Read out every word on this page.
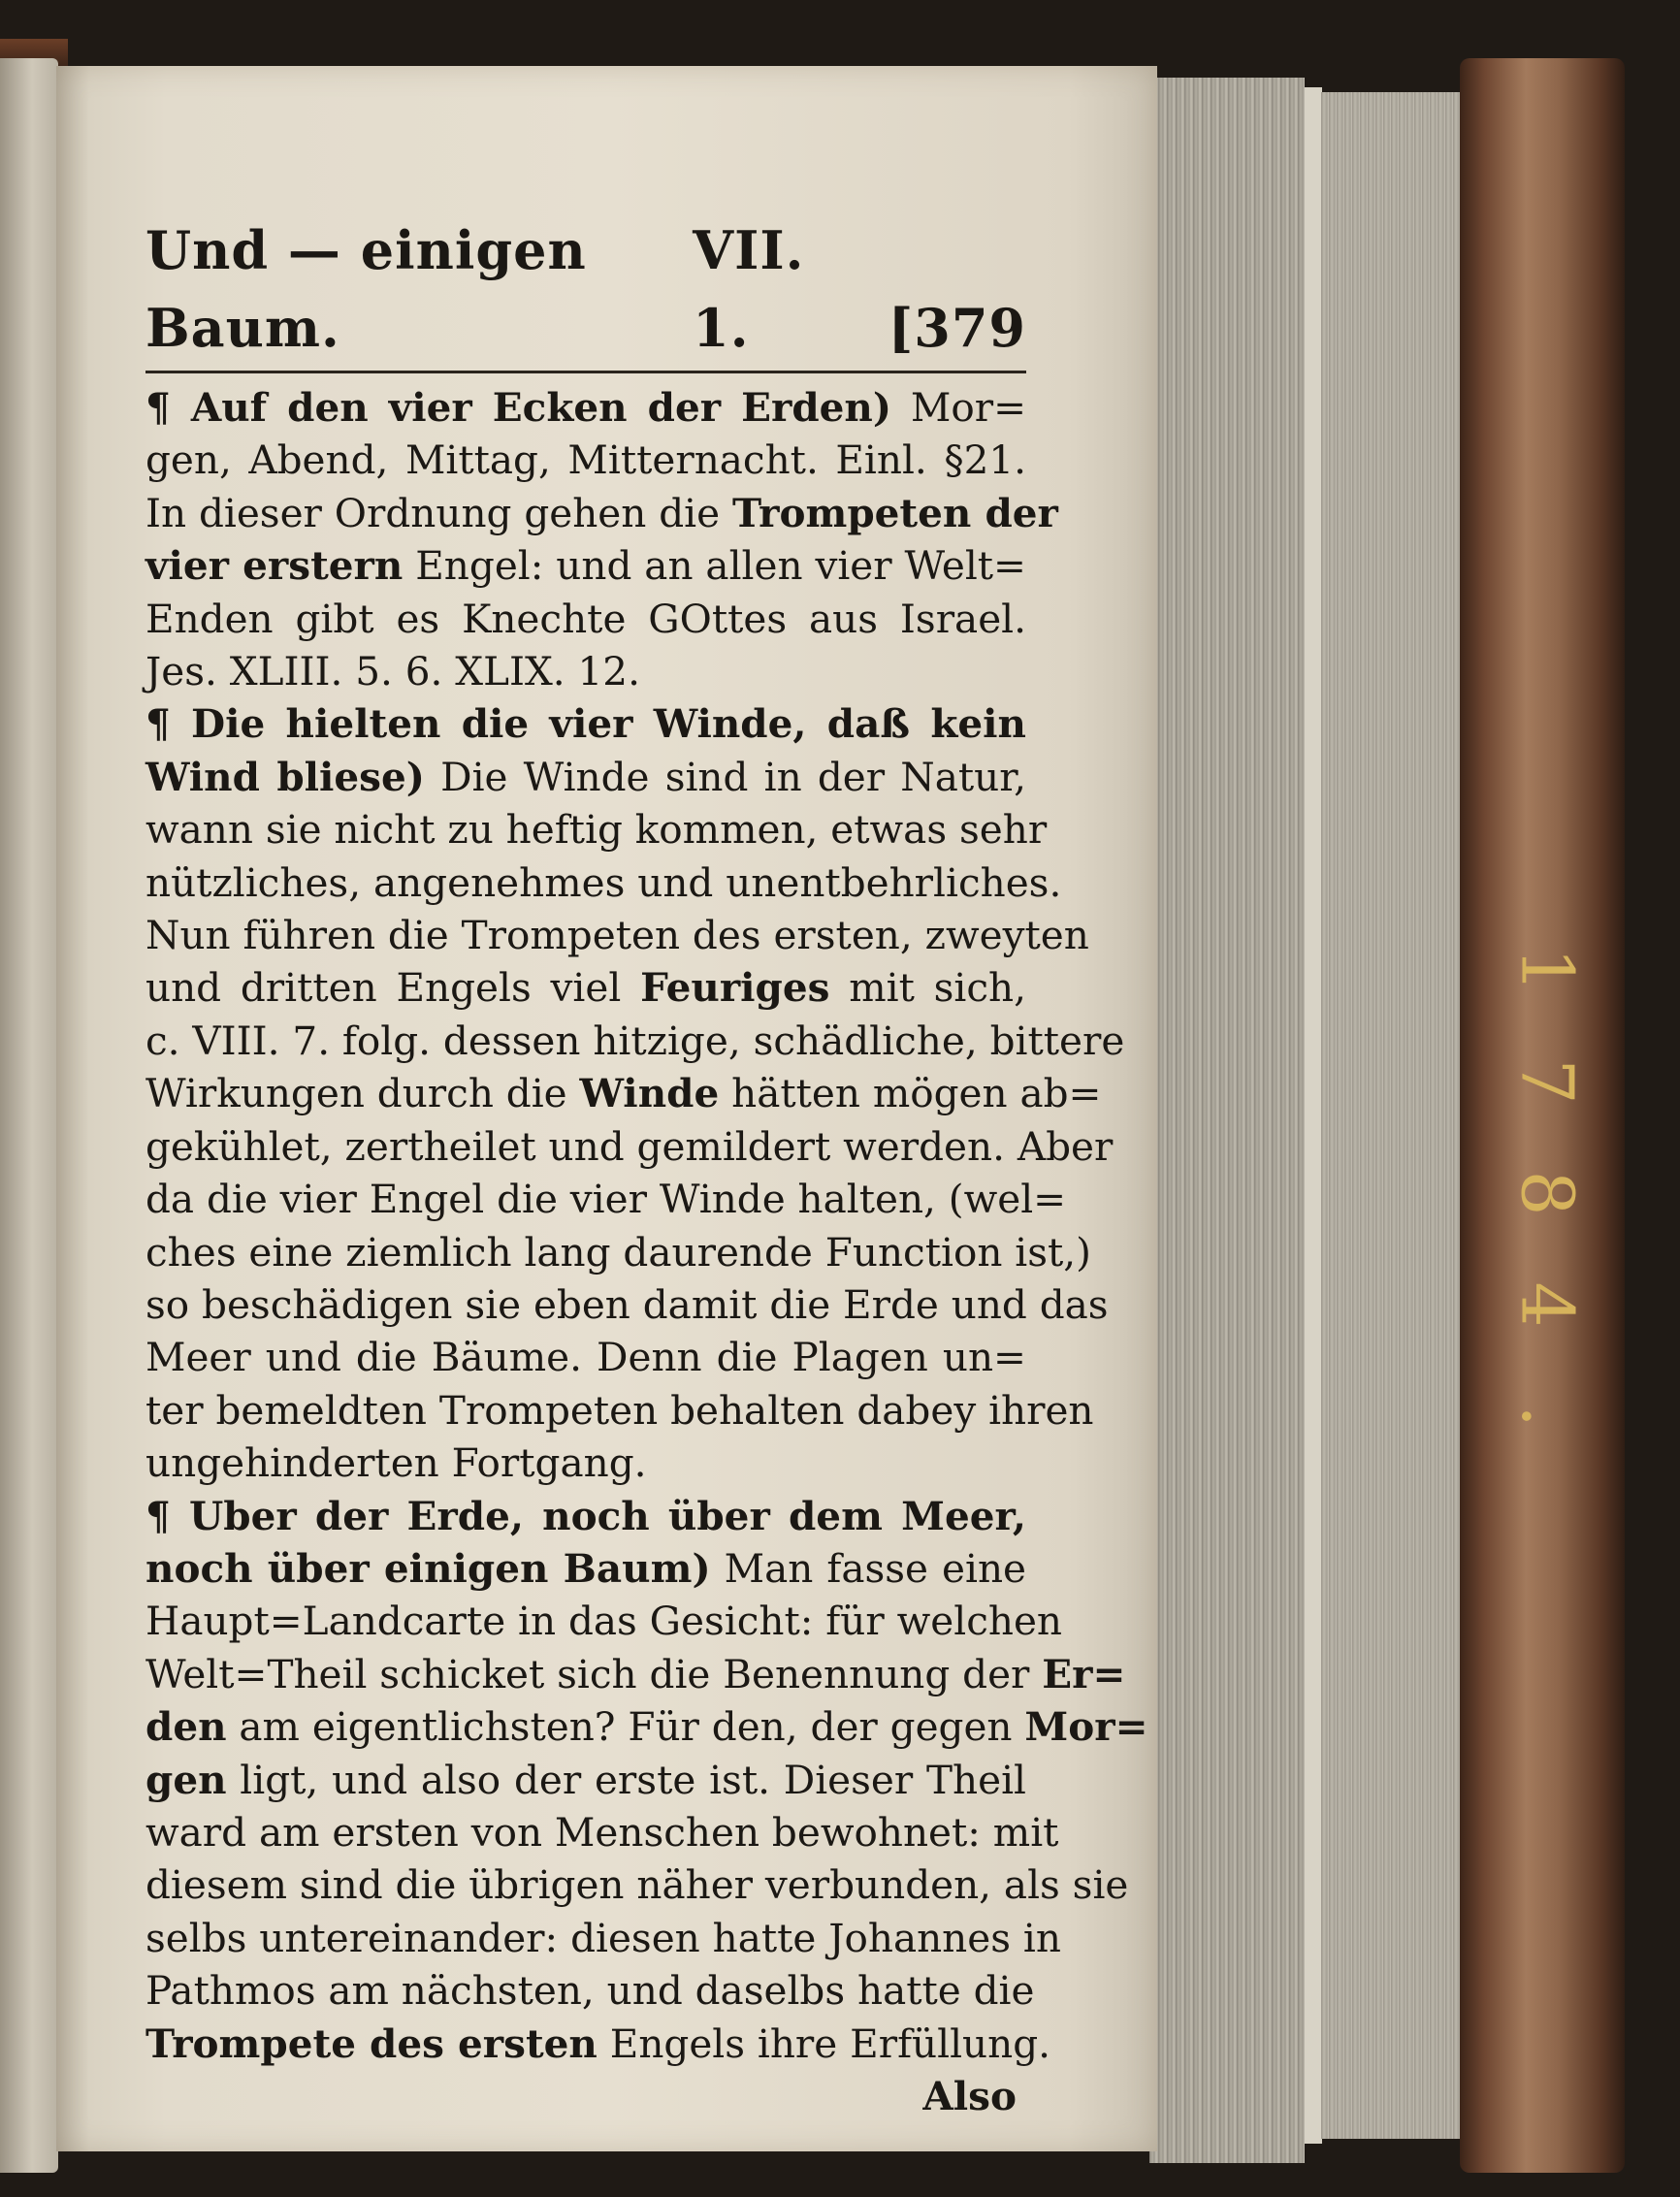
1
7
8
4
.
Und — einigen Baum.
VII. 1.	[379
¶ Auf den vier Ecken der Erden) Mor=
gen, Abend, Mittag, Mitternacht. Einl. §21.
In dieser Ordnung gehen die Trompeten der
vier erstern Engel: und an allen vier Welt=
Enden gibt es Knechte GOttes aus Israel.
Jes. XLIII. 5. 6. XLIX. 12.
¶ Die hielten die vier Winde, daß kein
Wind bliese) Die Winde sind in der Natur,
wann sie nicht zu heftig kommen, etwas sehr
nützliches, angenehmes und unentbehrliches.
Nun führen die Trompeten des ersten, zweyten
und dritten Engels viel Feuriges mit sich,
c. VIII. 7. folg. dessen hitzige, schädliche, bittere
Wirkungen durch die Winde hätten mögen ab=
gekühlet, zertheilet und gemildert werden. Aber
da die vier Engel die vier Winde halten, (wel=
ches eine ziemlich lang daurende Function ist,)
so beschädigen sie eben damit die Erde und das
Meer und die Bäume. Denn die Plagen un=
ter bemeldten Trompeten behalten dabey ihren
ungehinderten Fortgang.
¶ Uber der Erde, noch über dem Meer,
noch über einigen Baum) Man fasse eine
Haupt=Landcarte in das Gesicht: für welchen
Welt=Theil schicket sich die Benennung der Er=
den am eigentlichsten? Für den, der gegen Mor=
gen ligt, und also der erste ist. Dieser Theil
ward am ersten von Menschen bewohnet: mit
diesem sind die übrigen näher verbunden, als sie
selbs untereinander: diesen hatte Johannes in
Pathmos am nächsten, und daselbs hatte die
Trompete des ersten Engels ihre Erfüllung.
Also
